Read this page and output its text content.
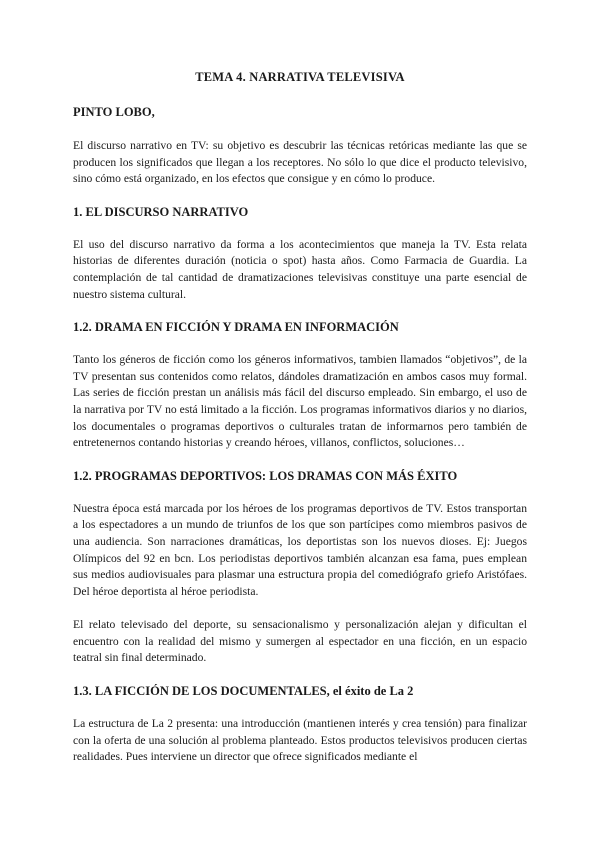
TEMA 4. NARRATIVA TELEVISIVA
PINTO LOBO,

El discurso narrativo en TV: su objetivo es descubrir las técnicas retóricas mediante las que se producen los significados que llegan a los receptores. No sólo lo que dice el producto televisivo, sino cómo está organizado, en los efectos que consigue y en cómo lo produce.

1. EL DISCURSO NARRATIVO

El uso del discurso narrativo da forma a los acontecimientos que maneja la TV. Esta relata historias de diferentes duración (noticia o spot) hasta años. Como Farmacia de Guardia. La contemplación de tal cantidad de dramatizaciones televisivas constituye una parte esencial de nuestro sistema cultural.

1.2. DRAMA EN FICCIÓN Y DRAMA EN INFORMACIÓN

Tanto los géneros de ficción como los géneros informativos, tambien llamados “objetivos”, de la TV presentan sus contenidos como relatos, dándoles dramatización en ambos casos muy formal. Las series de ficción prestan un análisis más fácil del discurso empleado. Sin embargo, el uso de la narrativa por TV no está limitado a la ficción. Los programas informativos diarios y no diarios, los documentales o programas deportivos o culturales tratan de informarnos pero también de entretenernos contando historias y creando héroes, villanos, conflictos, soluciones…

1.2. PROGRAMAS DEPORTIVOS: LOS DRAMAS CON MÁS ÉXITO

Nuestra época está marcada por los héroes de los programas deportivos de TV. Estos transportan a los espectadores a un mundo de triunfos de los que son partícipes como miembros pasivos de una audiencia. Son narraciones dramáticas, los deportistas son los nuevos dioses. Ej: Juegos Olímpicos del 92 en bcn. Los periodistas deportivos también alcanzan esa fama, pues emplean sus medios audiovisuales para plasmar una estructura propia del comediógrafo griefo Aristófaes. Del héroe deportista al héroe periodista.

El relato televisado del deporte, su sensacionalismo y personalización alejan y dificultan el encuentro con la realidad del mismo y sumergen al espectador en una ficción, en un espacio teatral sin final determinado.

1.3. LA FICCIÓN DE LOS DOCUMENTALES, el éxito de La 2

La estructura de La 2 presenta: una introducción (mantienen interés y crea tensión) para finalizar con la oferta de una solución al problema planteado. Estos productos televisivos producen ciertas realidades. Pues interviene un director que ofrece significados mediante el
